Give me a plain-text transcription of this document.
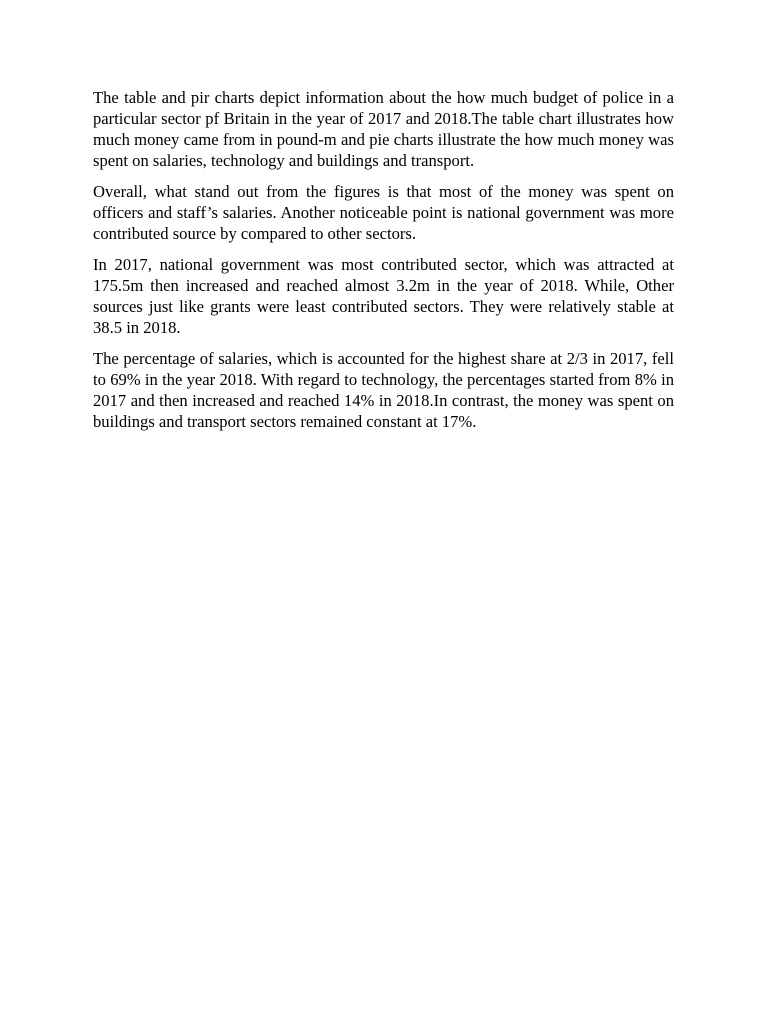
The table and pir charts depict information about the how much budget of police in a particular sector pf Britain in the year of 2017 and 2018.The table chart illustrates how much money came from in pound-m and pie charts illustrate the how much money was spent on salaries, technology and buildings and transport.

Overall, what stand out from the figures is that most of the money was spent on officers and staff’s salaries. Another noticeable point is national government was more contributed source by compared to other sectors.

In 2017, national government was most contributed sector, which was attracted at 175.5m then increased and reached almost 3.2m in the year of 2018. While, Other sources just like grants were least contributed sectors. They were relatively stable at 38.5 in 2018.

The percentage of salaries, which is accounted for the highest share at 2/3 in 2017, fell to 69% in the year 2018. With regard to technology, the percentages started from 8% in 2017 and then increased and reached 14% in 2018.In contrast, the money was spent on buildings and transport sectors remained constant at 17%.
